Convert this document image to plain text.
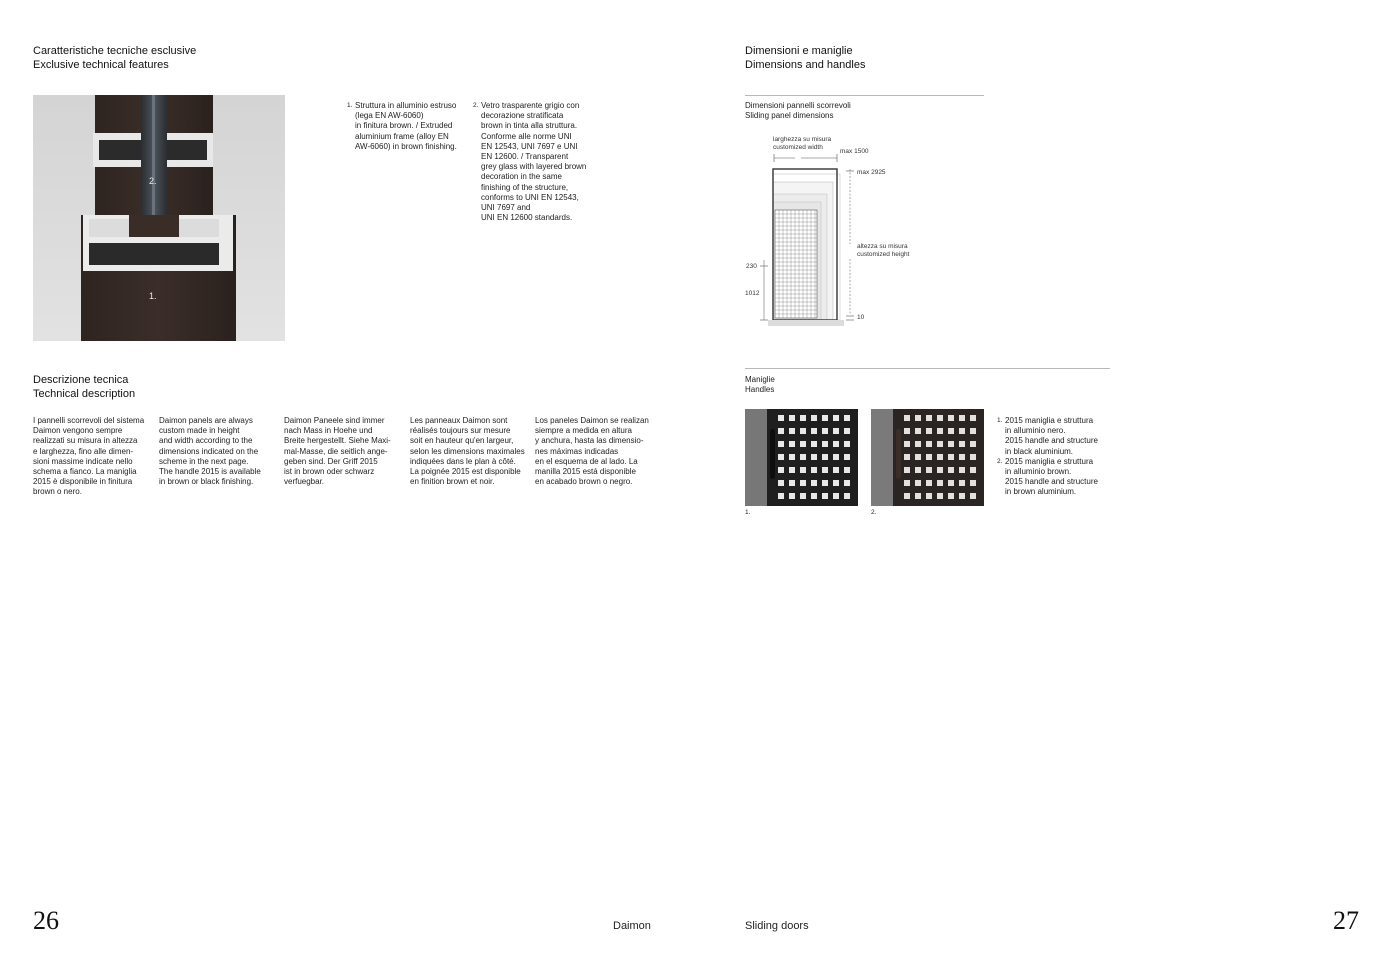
Caratteristiche tecniche esclusive

Exclusive technical features

2.
1.
1. Struttura in alluminio estruso
(lega EN AW-6060)
in finitura brown. / Extruded
aluminium frame (alloy EN
AW-6060) in brown finishing.
2. Vetro trasparente grigio con
decorazione stratificata
brown in tinta alla struttura.
Conforme alle norme UNI
EN 12543, UNI 7697 e UNI
EN 12600. / Transparent
grey glass with layered brown
decoration in the same
finishing of the structure,
conforms to UNI EN 12543,
UNI 7697 and
UNI EN 12600 standards.

Descrizione tecnica

Technical description

I pannelli scorrevoli del sistema
Daimon vengono sempre
realizzati su misura in altezza
e larghezza, fino alle dimen-
sioni massime indicate nello
schema a fianco. La maniglia
2015 è disponibile in finitura
brown o nero.
Daimon panels are always
custom made in height
and width according to the
dimensions indicated on the
scheme in the next page.
The handle 2015 is available
in brown or black finishing.
Daimon Paneele sind immer
nach Mass in Hoehe und
Breite hergestellt. Siehe Maxi-
mal-Masse, die seitlich ange-
geben sind. Der Griff 2015
ist in brown oder schwarz
verfuegbar.
Les panneaux Daimon sont
réalisés toujours sur mesure
soit en hauteur qu'en largeur,
selon les dimensions maximales
indiquées dans le plan à côté.
La poignée 2015 est disponible
en finition brown et noir.
Los paneles Daimon se realizan
siempre a medida en altura
y anchura, hasta las dimensio-
nes máximas indicadas
en el esquema de al lado. La
manilla 2015 está disponible
en acabado brown o negro.
26	Daimon

Dimensioni e maniglie

Dimensions and handles

Dimensioni pannelli scorrevoli
Sliding panel dimensions
larghezza su misura
customized width
max 1500
max 2925
altezza su misura
customized height
230
1012
10
Maniglie
Handles
1.	2.
1. 2015 maniglia e struttura
in alluminio nero.
2015 handle and structure
in black aluminium.
2. 2015 maniglia e struttura
in alluminio brown.
2015 handle and structure
in brown aluminium.
Sliding doors	27
